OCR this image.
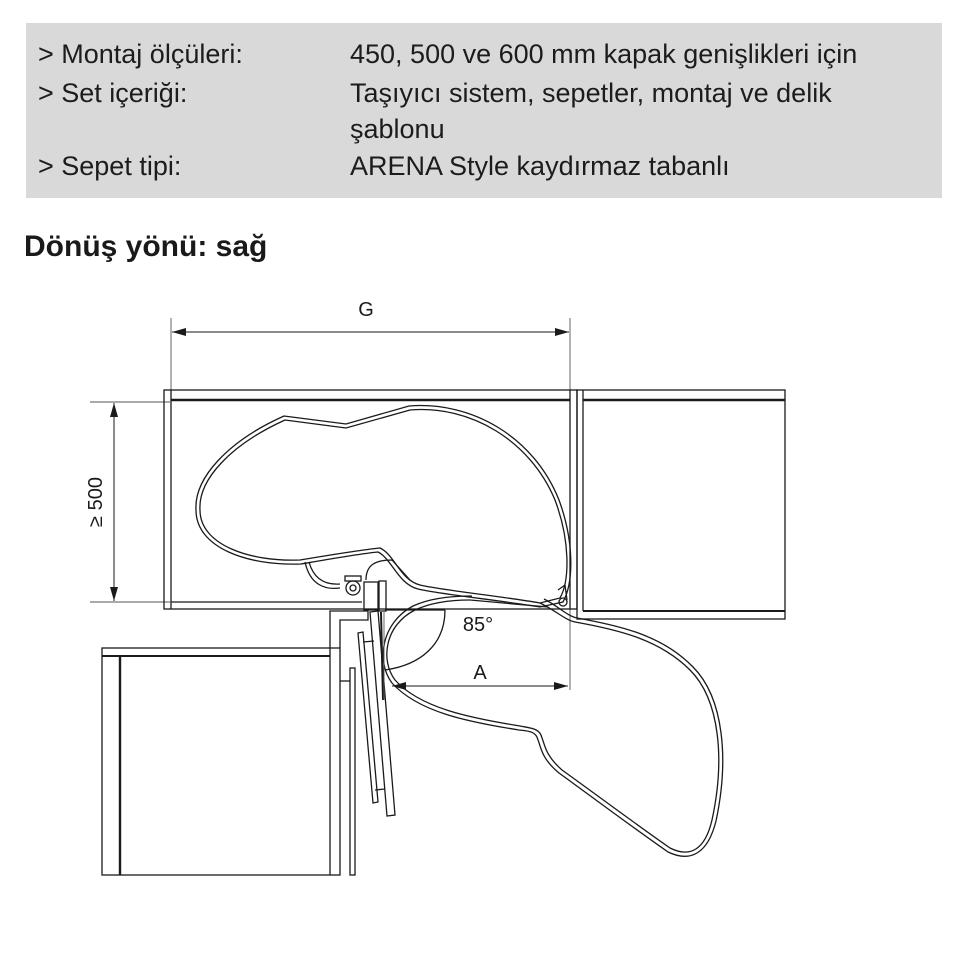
> Montaj ölçüleri:	450, 500 ve 600 mm kapak genişlikleri için
> Set içeriği:	Taşıyıcı sistem, sepetler, montaj ve delik
şablonu
> Sepet tipi:	ARENA Style kaydırmaz tabanlı
Dönüş yönü: sağ
G
≥ 500
A
85°
